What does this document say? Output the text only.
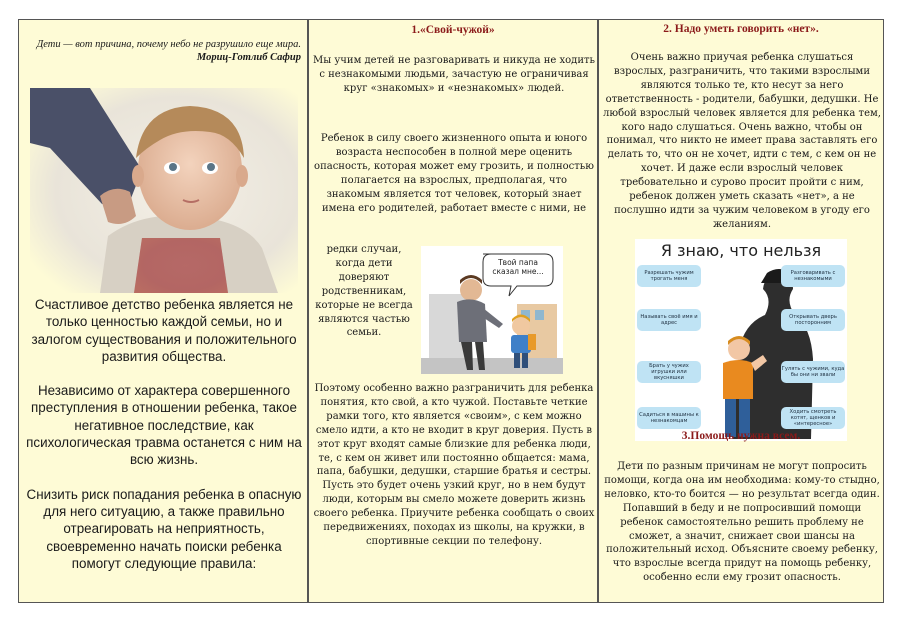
Дети — вот причина, почему небо не разрушило еще мира.
Мориц-Готлиб Сафир

Счастливое детство ребенка является не только ценностью каждой семьи, но и залогом существования и положительного развития общества.

Независимо от характера совершенного преступления в отношении ребенка, такое негативное последствие, как психологическая травма останется с ним на всю жизнь.

Снизить риск попадания ребенка в опасную для него ситуацию, а также правильно отреагировать на неприятность, своевременно начать поиски ребенка помогут следующие правила:

1.«Свой-чужой»
Мы учим детей не разговаривать и никуда не ходить с незнакомыми людьми, зачастую не ограничивая круг «знакомых» и «незнакомых» людей.
Ребенок в силу своего жизненного опыта и юного возраста неспособен в полной мере оценить опасность, которая может ему грозить, и полностью полагается на взрослых, предполагая, что знакомым является тот человек, который знает имена его родителей, работает вместе с ними, не
редки случаи, когда дети доверяют родственникам, которые не всегда являются частью семьи.
Твой папа сказал мне...
Поэтому особенно важно разграничить для ребенка понятия, кто свой, а кто чужой. Поставьте четкие рамки того, кто является «своим», с кем можно смело идти, а кто не входит в круг доверия. Пусть в этот круг входят самые близкие для ребенка люди, те, с кем он живет или постоянно общается: мама, папа, бабушки, дедушки, старшие братья и сестры. Пусть это будет очень узкий круг, но в нем будут люди, которым вы смело можете доверить жизнь своего ребенка. Приучите ребенка сообщать о своих передвижениях, походах из школы, на кружки, в спортивные секции по телефону.
2. Надо уметь говорить «нет».
Очень важно приучая ребенка слушаться взрослых, разграничить, что такими взрослыми являются только те, кто несут за него ответственность - родители, бабушки, дедушки. Не любой взрослый человек является для ребенка тем, кого надо слушаться. Очень важно, чтобы он понимал, что никто не имеет права заставлять его делать то, что он не хочет, идти с тем, с кем он не хочет. И даже если взрослый человек требовательно и сурово просит пройти с ним, ребенок должен уметь сказать «нет», а не послушно идти за чужим человеком в угоду его желаниям.
Я знаю, что нельзя
Разрешать чужим трогать меня
Называть своё имя и адрес
Брать у чужих игрушки или вкусняшки
Садиться в машины к незнакомцам
Разговаривать с незнакомыми
Открывать дверь посторонним
Гулять с чужими, куда бы они ни звали
Ходить смотреть котят, щенков и «интересное»
3.Помощь нужна всем.
Дети по разным причинам не могут попросить помощи, когда она им необходима: кому-то стыдно, неловко, кто-то боится — но результат всегда один. Попавший в беду и не попросивший помощи ребенок самостоятельно решить проблему не сможет, а значит, снижает свои шансы на положительный исход. Объясните своему ребенку, что взрослые всегда придут на помощь ребенку, особенно если ему грозит опасность.
